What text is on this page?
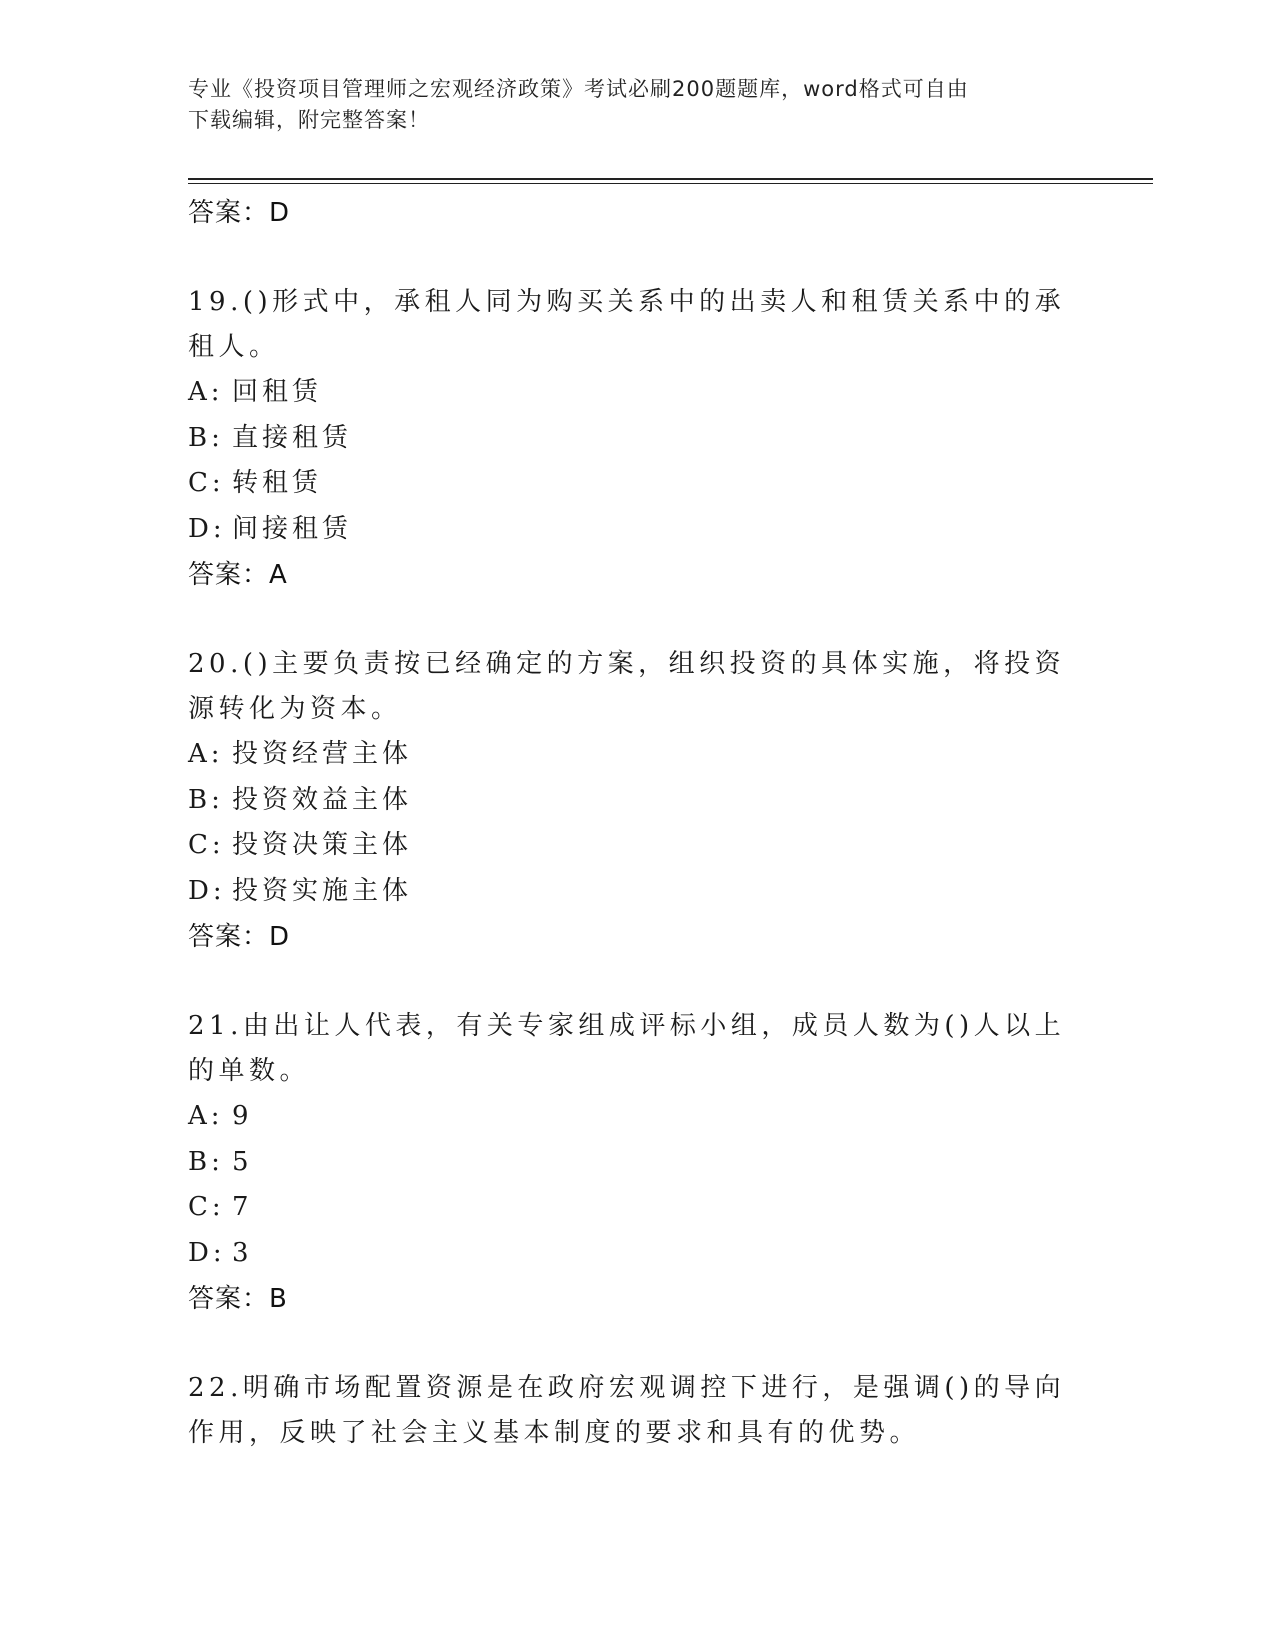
专业《投资项目管理师之宏观经济政策》考试必刷200题题库，word格式可自由
下载编辑，附完整答案！
答案：D
19.()形式中，承租人同为购买关系中的出卖人和租赁关系中的承租人。
A: 回租赁
B: 直接租赁
C: 转租赁
D: 间接租赁
答案：A
20.()主要负责按已经确定的方案，组织投资的具体实施，将投资源转化为资本。
A: 投资经营主体
B: 投资效益主体
C: 投资决策主体
D: 投资实施主体
答案：D
21.由出让人代表，有关专家组成评标小组，成员人数为()人以上的单数。
A: 9
B: 5
C: 7
D: 3
答案：B
22.明确市场配置资源是在政府宏观调控下进行，是强调()的导向作用，反映了社会主义基本制度的要求和具有的优势。
